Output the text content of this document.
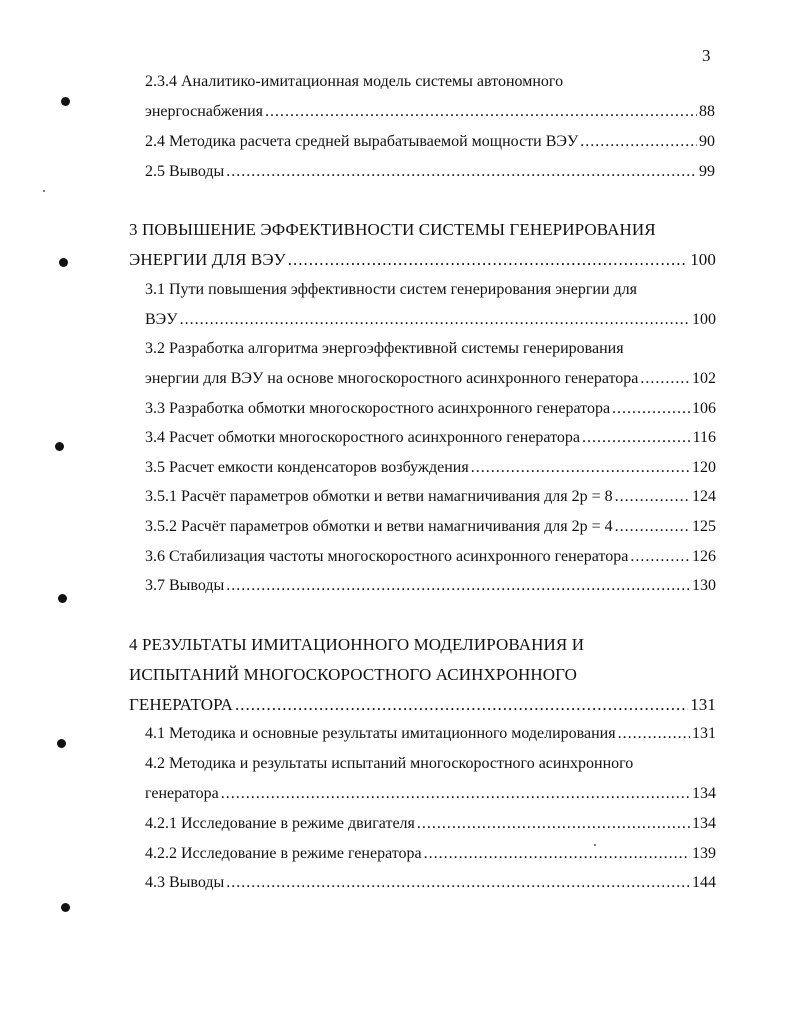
3
2.3.4 Аналитико-имитационная модель системы автономного
энергоснабжения .....	88
2.4 Методика расчета средней вырабатываемой мощности ВЭУ .....	90
2.5 Выводы .....	99
3 ПОВЫШЕНИЕ ЭФФЕКТИВНОСТИ СИСТЕМЫ ГЕНЕРИРОВАНИЯ
ЭНЕРГИИ ДЛЯ ВЭУ .....	100
3.1 Пути повышения эффективности систем генерирования энергии для
ВЭУ .....	100
3.2 Разработка алгоритма энергоэффективной системы генерирования
энергии для ВЭУ на основе многоскоростного асинхронного генератора .....	102
3.3 Разработка обмотки многоскоростного асинхронного генератора .....	106
3.4 Расчет обмотки многоскоростного асинхронного генератора .....	116
3.5 Расчет емкости конденсаторов возбуждения .....	120
3.5.1 Расчёт параметров обмотки и ветви намагничивания для 2р = 8 .....	124
3.5.2 Расчёт параметров обмотки и ветви намагничивания для 2р = 4 .....	125
3.6 Стабилизация частоты многоскоростного асинхронного генератора .....	126
3.7 Выводы .....	130
4 РЕЗУЛЬТАТЫ ИМИТАЦИОННОГО МОДЕЛИРОВАНИЯ И
ИСПЫТАНИЙ МНОГОСКОРОСТНОГО АСИНХРОННОГО
ГЕНЕРАТОРА .....	131
4.1 Методика и основные результаты имитационного моделирования .....	131
4.2 Методика и результаты испытаний многоскоростного асинхронного
генератора .....	134
4.2.1 Исследование в режиме двигателя .....	134
4.2.2 Исследование в режиме генератора .....	139
4.3 Выводы .....	144
